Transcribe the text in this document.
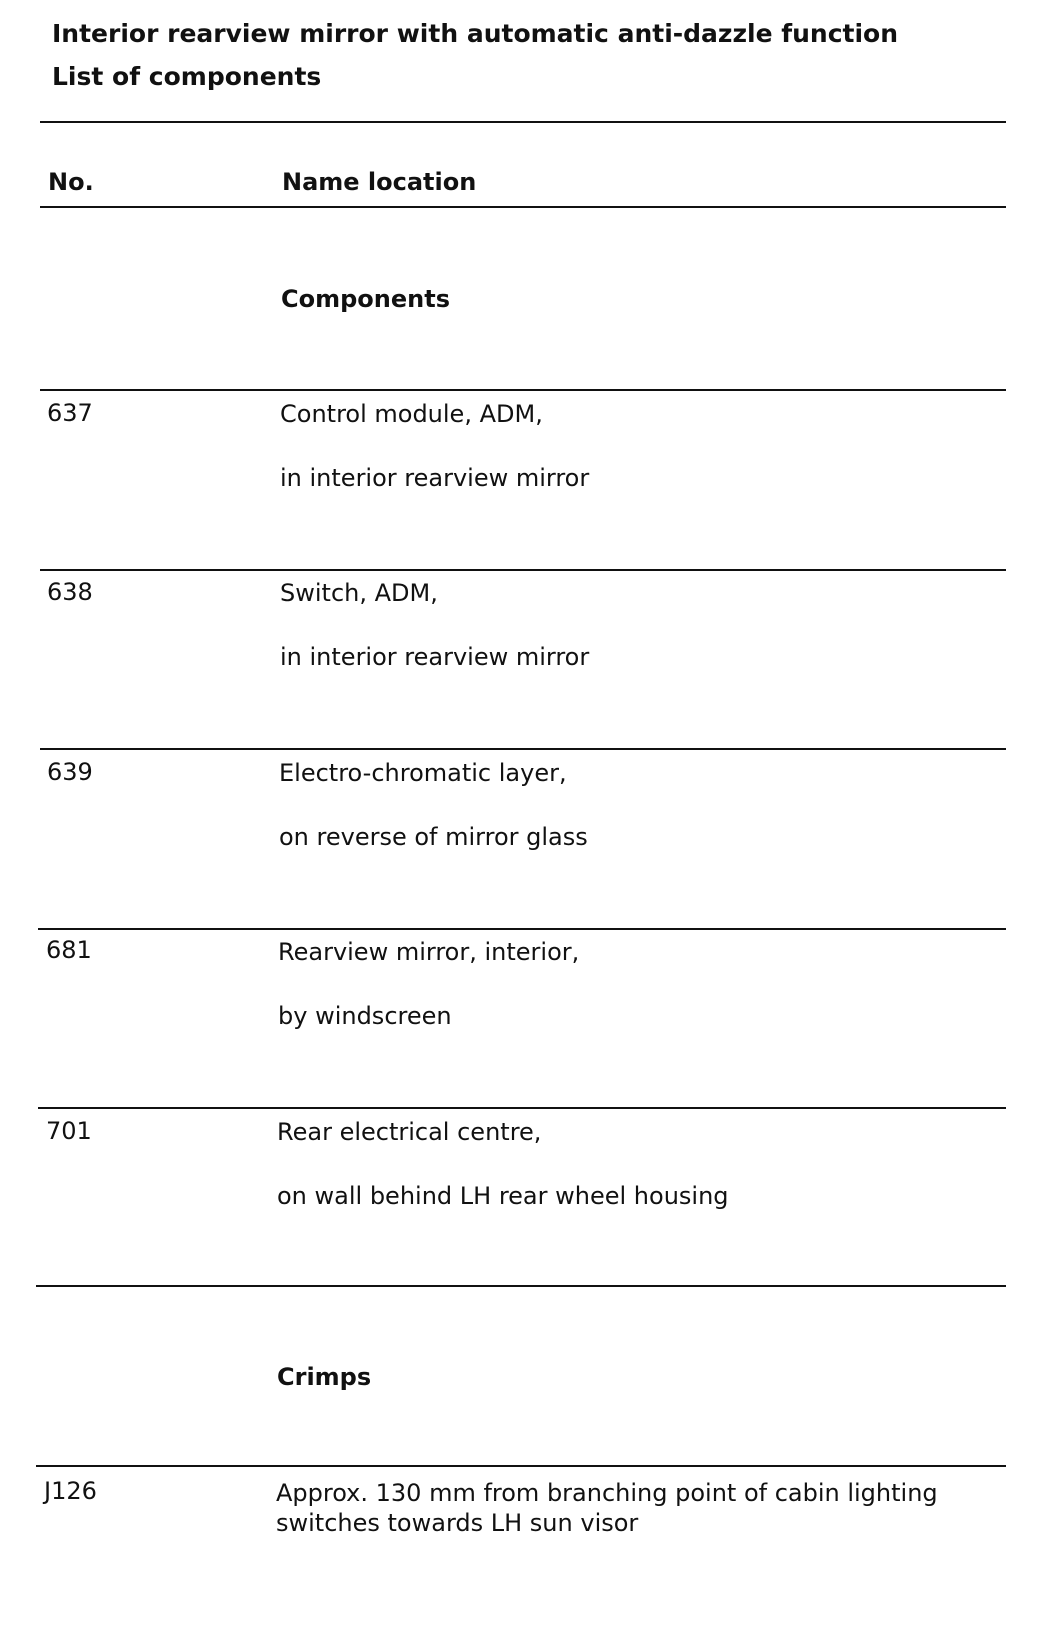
Interior rearview mirror with automatic anti-dazzle function

List of components

No.	Name location
Components
637	Control module, ADM,
in interior rearview mirror
638	Switch, ADM,
in interior rearview mirror
639	Electro-chromatic layer,
on reverse of mirror glass
681	Rearview mirror, interior,
by windscreen
701	Rear electrical centre,
on wall behind LH rear wheel housing
Crimps
J126	Approx. 130 mm from branching point of cabin lighting switches towards LH sun visor
